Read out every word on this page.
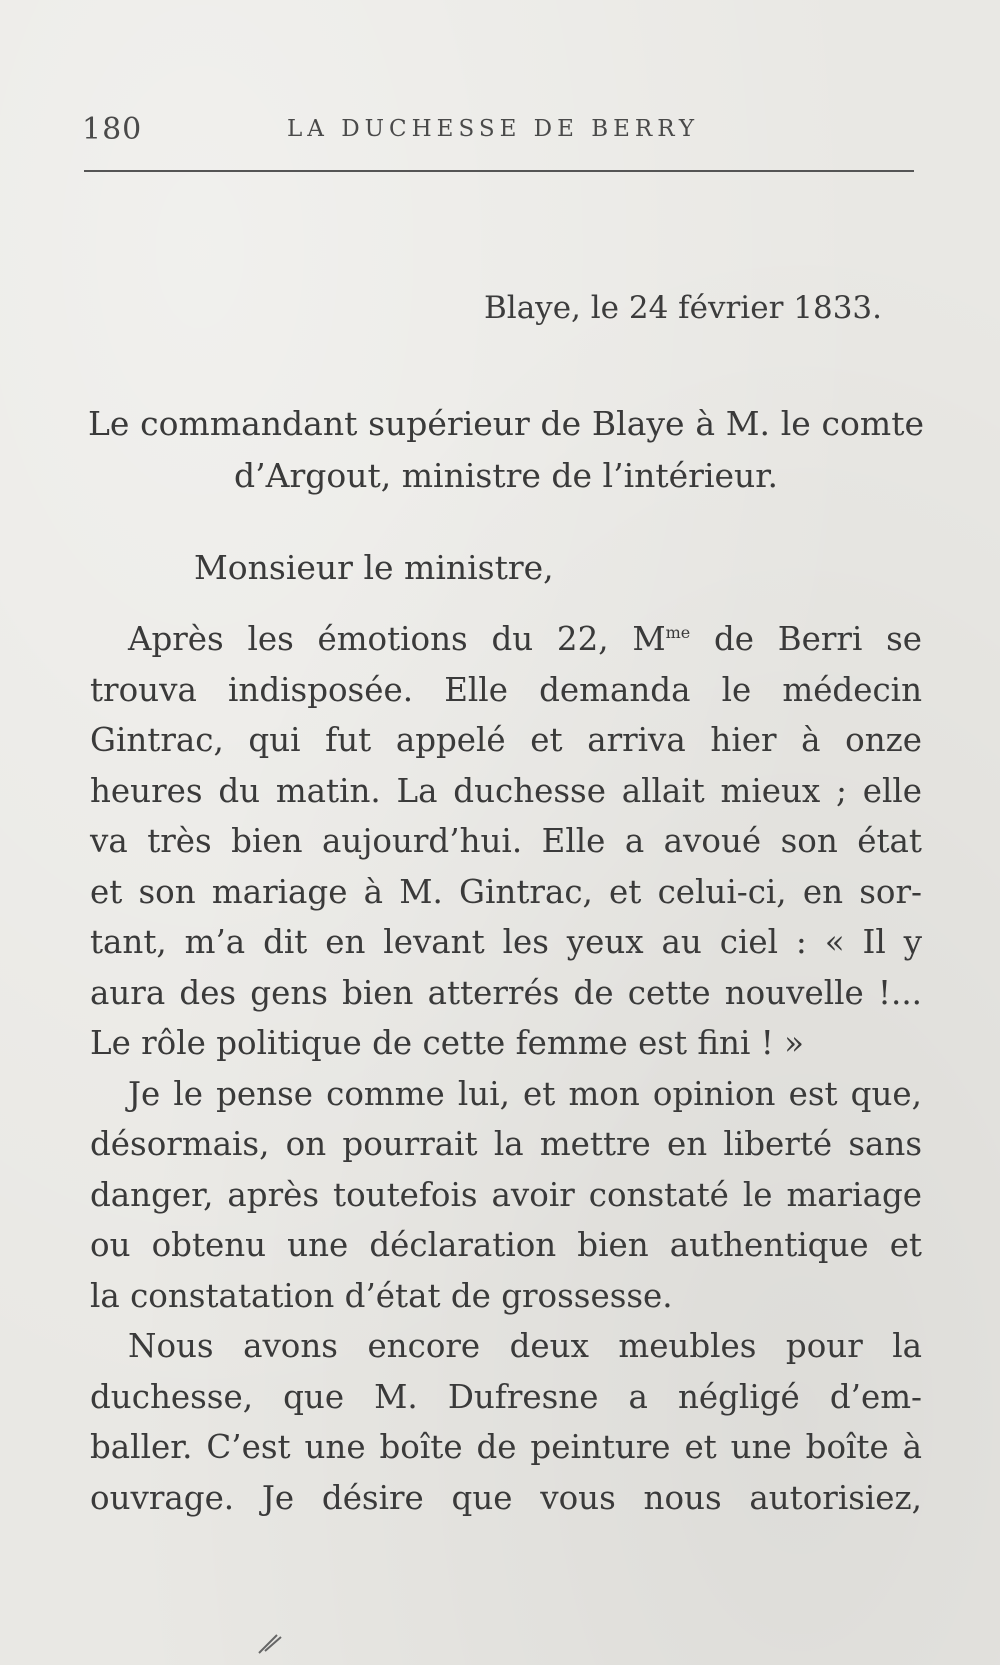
180	LA DUCHESSE DE BERRY
Blaye, le 24 février 1833.
Le commandant supérieur de Blaye à M. le comte
d’Argout, ministre de l’intérieur.
Monsieur le ministre,

Après les émotions du 22, $M^{me}$ de Berri se
trouva indisposée. Elle demanda le médecin
Gintrac, qui fut appelé et arriva hier à onze
heures du matin. La duchesse allait mieux ; elle
va très bien aujourd’hui. Elle a avoué son état
et son mariage à M. Gintrac, et celui-ci, en sor-
tant, m’a dit en levant les yeux au ciel : « Il y
aura des gens bien atterrés de cette nouvelle !...
Le rôle politique de cette femme est fini ! »

Je le pense comme lui, et mon opinion est que,
désormais, on pourrait la mettre en liberté sans
danger, après toutefois avoir constaté le mariage
ou obtenu une déclaration bien authentique et
la constatation d’état de grossesse.

Nous avons encore deux meubles pour la
duchesse, que M. Dufresne a négligé d’em-
baller. C’est une boîte de peinture et une boîte à
ouvrage. Je désire que vous nous autorisiez,
